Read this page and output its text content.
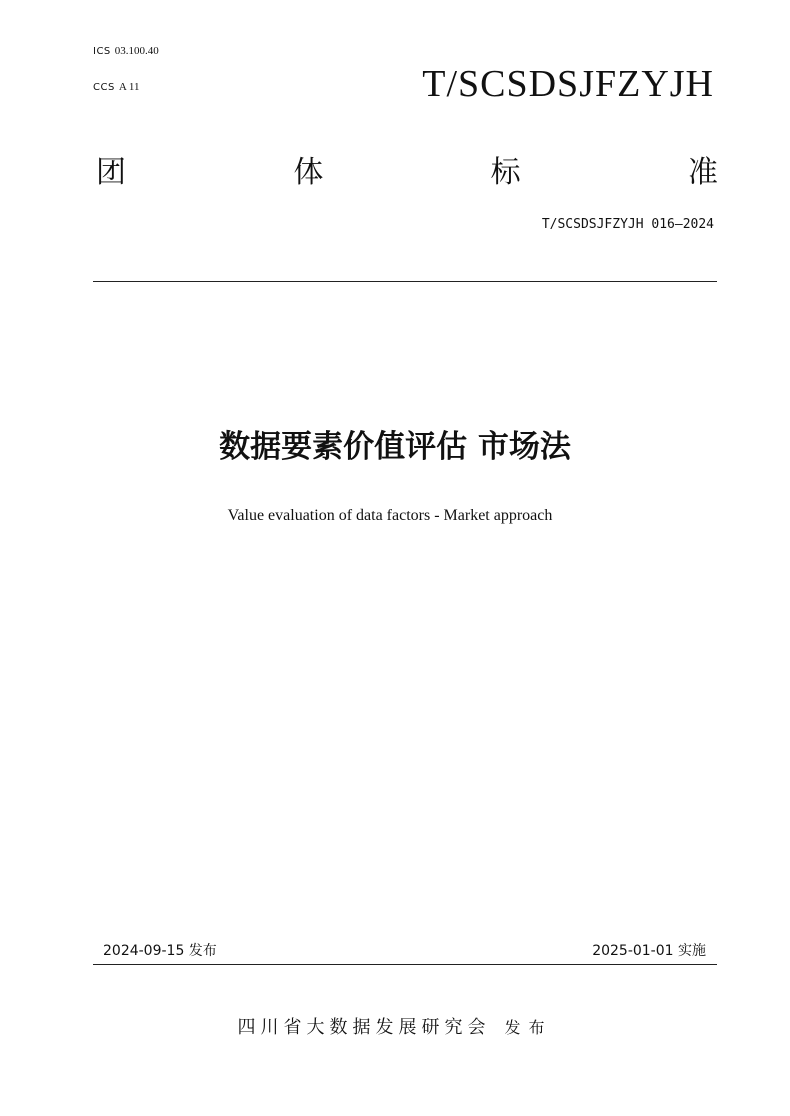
ICS 03.100.40
CCS A 11	T/SCSDSJFZYJH
团	体	标	准
T/SCSDSJFZYJH 016—2024
数据要素价值评估 市场法
Value evaluation of data factors - Market approach
2024-09-15 发布	2025-01-01 实施
四川省大数据发展研究会 发布
